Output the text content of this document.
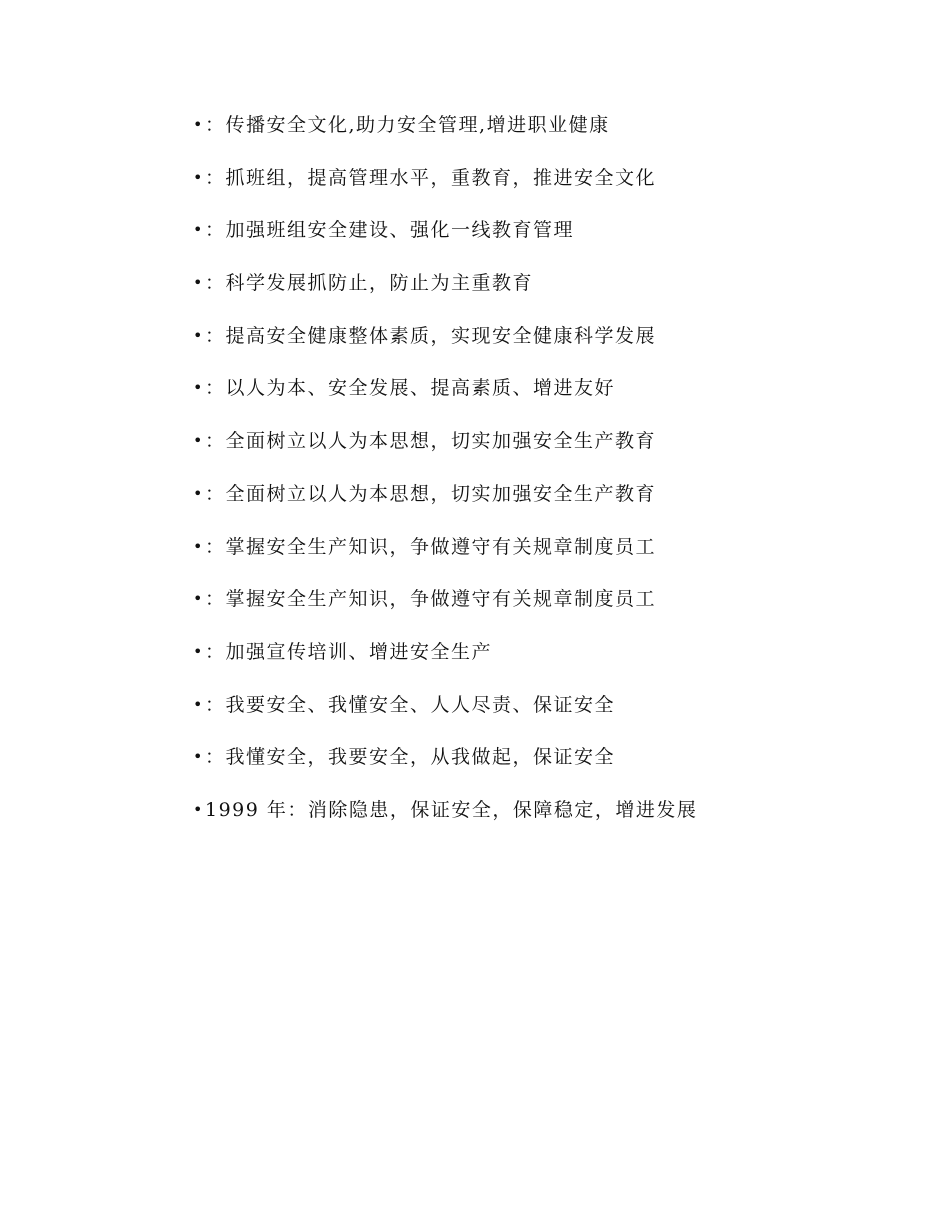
• ：传播安全文化,助力安全管理,增进职业健康
• ：抓班组，提高管理水平，重教育，推进安全文化
• ：加强班组安全建设、强化一线教育管理
• ：科学发展抓防止，防止为主重教育
• ：提高安全健康整体素质，实现安全健康科学发展
• ：以人为本、安全发展、提高素质、增进友好
• ：全面树立以人为本思想，切实加强安全生产教育
• ：全面树立以人为本思想，切实加强安全生产教育
• ：掌握安全生产知识，争做遵守有关规章制度员工
• ：掌握安全生产知识，争做遵守有关规章制度员工
• ：加强宣传培训、增进安全生产
• ：我要安全、我懂安全、人人尽责、保证安全
• ：我懂安全，我要安全，从我做起，保证安全
• 1999 年：消除隐患，保证安全，保障稳定，增进发展
